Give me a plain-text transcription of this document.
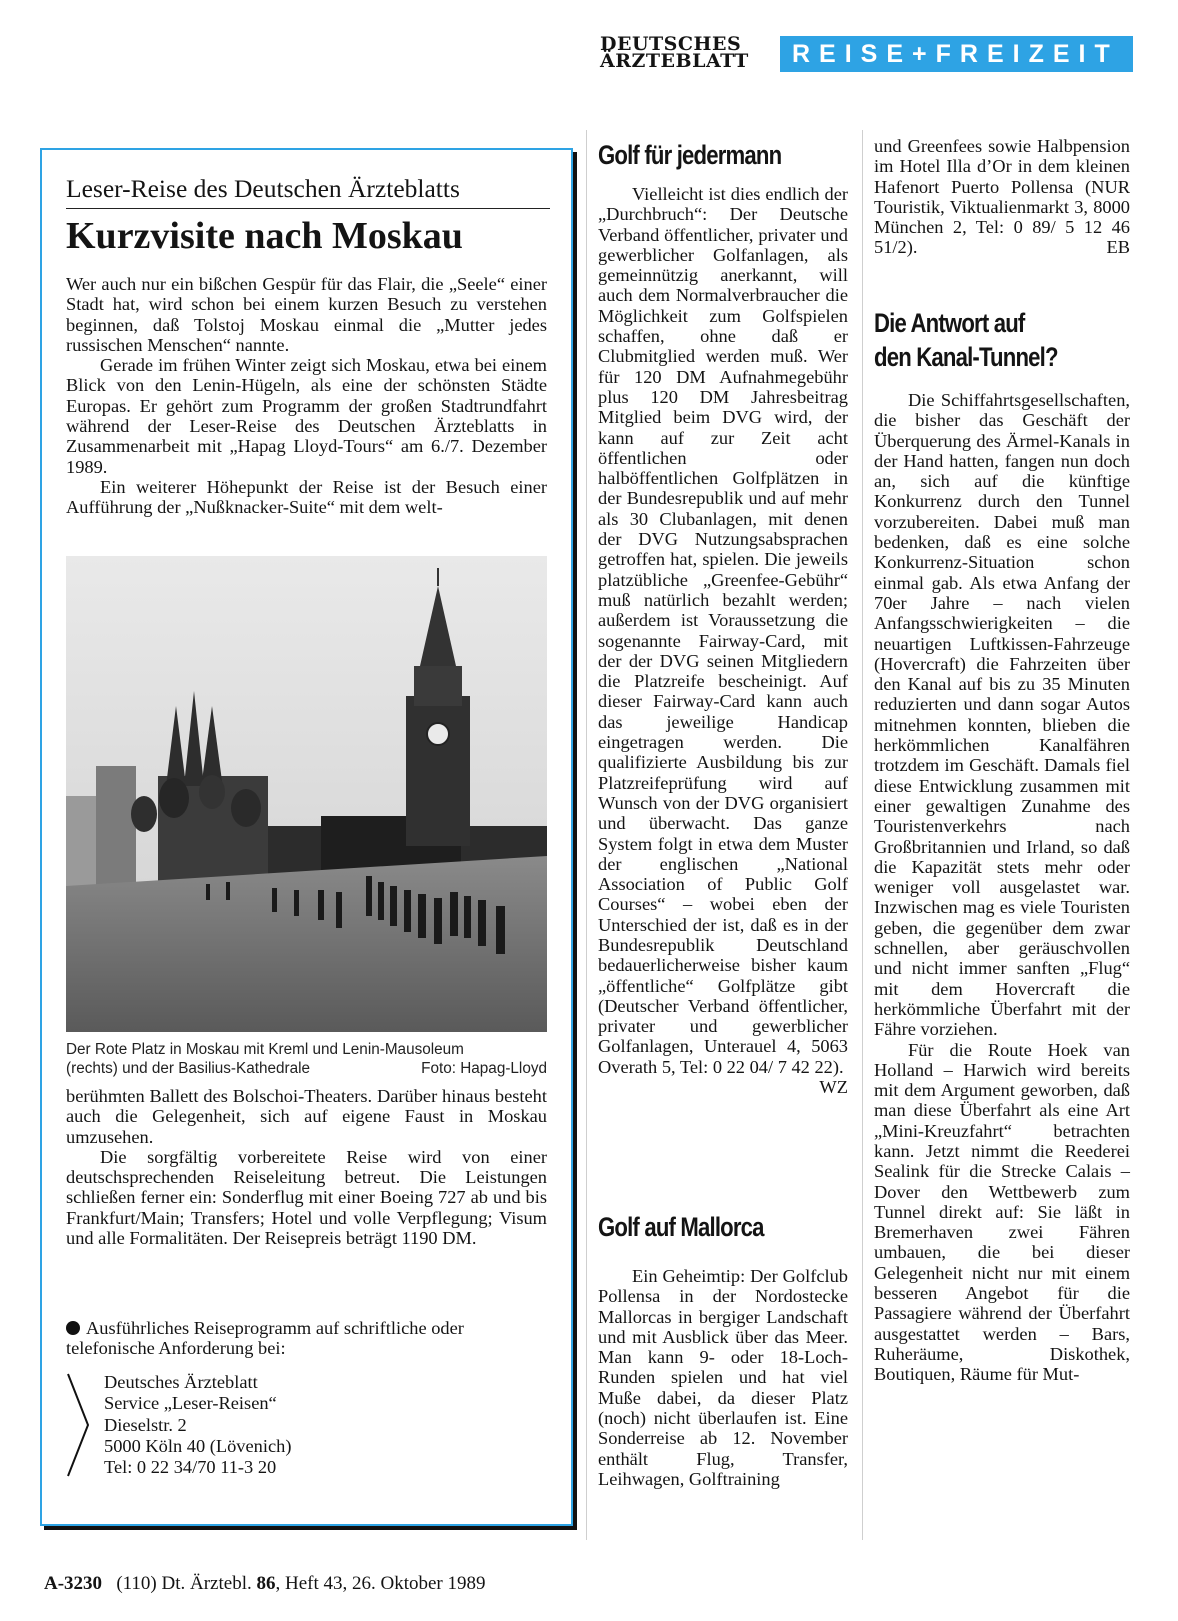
DEUTSCHES
ÄRZTEBLATT	REISE+FREIZEIT
Leser-Reise des Deutschen Ärzteblatts
Kurzvisite nach Moskau

Wer auch nur ein bißchen Gespür für das Flair, die „Seele“ einer Stadt hat, wird schon bei einem kurzen Besuch zu verstehen beginnen, daß Tolstoj Moskau einmal die „Mutter jedes russischen Menschen“ nannte.

Gerade im frühen Winter zeigt sich Moskau, etwa bei einem Blick von den Lenin-Hügeln, als eine der schönsten Städte Europas. Er gehört zum Programm der großen Stadtrundfahrt während der Leser-Reise des Deutschen Ärzteblatts in Zusammenarbeit mit „Hapag Lloyd-Tours“ am 6./7. Dezember 1989.

Ein weiterer Höhepunkt der Reise ist der Besuch einer Aufführung der „Nußknacker-Suite“ mit dem welt-

Der Rote Platz in Moskau mit Kreml und Lenin-Mausoleum
(rechts) und der Basilius-Kathedrale	Foto: Hapag-Lloyd

berühmten Ballett des Bolschoi-Theaters. Darüber hinaus besteht auch die Gelegenheit, sich auf eigene Faust in Moskau umzusehen.

Die sorgfältig vorbereitete Reise wird von einer deutschsprechenden Reiseleitung betreut. Die Leistungen schließen ferner ein: Sonderflug mit einer Boeing 727 ab und bis Frankfurt/Main; Transfers; Hotel und volle Verpflegung; Visum und alle Formalitäten. Der Reisepreis beträgt 1190 DM.

Ausführliches Reiseprogramm auf schriftliche oder telefonische Anforderung bei:
Deutsches Ärzteblatt
Service „Leser-Reisen“
Dieselstr. 2
5000 Köln 40 (Lövenich)
Tel: 0 22 34/70 11-3 20
Golf für jedermann

Vielleicht ist dies endlich der „Durchbruch“: Der Deutsche Verband öffentlicher, privater und gewerblicher Golfanlagen, als gemeinnützig anerkannt, will auch dem Normalverbraucher die Möglichkeit zum Golfspielen schaffen, ohne daß er Clubmitglied werden muß. Wer für 120 DM Aufnahmegebühr plus 120 DM Jahresbeitrag Mitglied beim DVG wird, der kann auf zur Zeit acht öffentlichen oder halböffentlichen Golfplätzen in der Bundesrepublik und auf mehr als 30 Clubanlagen, mit denen der DVG Nutzungsabsprachen getroffen hat, spielen. Die jeweils platzübliche „Greenfee-Gebühr“ muß natürlich bezahlt werden; außerdem ist Voraussetzung die sogenannte Fairway-Card, mit der der DVG seinen Mitgliedern die Platzreife bescheinigt. Auf dieser Fairway-Card kann auch das jeweilige Handicap eingetragen werden. Die qualifizierte Ausbildung bis zur Platzreifeprüfung wird auf Wunsch von der DVG organisiert und überwacht. Das ganze System folgt in etwa dem Muster der englischen „National Association of Public Golf Courses“ – wobei eben der Unterschied der ist, daß es in der Bundesrepublik Deutschland bedauerlicherweise bisher kaum „öffentliche“ Golfplätze gibt (Deutscher Verband öffentlicher, privater und gewerblicher Golfanlagen, Unterauel 4, 5063 Overath 5, Tel: 0 22 04/ 7 42 22).
WZ

Golf auf Mallorca

Ein Geheimtip: Der Golfclub Pollensa in der Nordostecke Mallorcas in bergiger Landschaft und mit Ausblick über das Meer. Man kann 9- oder 18-Loch-Runden spielen und hat viel Muße dabei, da dieser Platz (noch) nicht überlaufen ist. Eine Sonderreise ab 12. November enthält Flug, Transfer, Leihwagen, Golftraining

und Greenfees sowie Halbpension im Hotel Illa d’Or in dem kleinen Hafenort Puerto Pollensa (NUR Touristik, Viktualienmarkt 3, 8000 München 2, Tel: 0 89/ 5 12 46 51/2).	EB

Die Antwort auf
den Kanal-Tunnel?

Die Schiffahrtsgesellschaften, die bisher das Geschäft der Überquerung des Ärmel-Kanals in der Hand hatten, fangen nun doch an, sich auf die künftige Konkurrenz durch den Tunnel vorzubereiten. Dabei muß man bedenken, daß es eine solche Konkurrenz-Situation schon einmal gab. Als etwa Anfang der 70er Jahre – nach vielen Anfangsschwierigkeiten – die neuartigen Luftkissen-Fahrzeuge (Hovercraft) die Fahrzeiten über den Kanal auf bis zu 35 Minuten reduzierten und dann sogar Autos mitnehmen konnten, blieben die herkömmlichen Kanalfähren trotzdem im Geschäft. Damals fiel diese Entwicklung zusammen mit einer gewaltigen Zunahme des Touristenverkehrs nach Großbritannien und Irland, so daß die Kapazität stets mehr oder weniger voll ausgelastet war. Inzwischen mag es viele Touristen geben, die gegenüber dem zwar schnellen, aber geräuschvollen und nicht immer sanften „Flug“ mit dem Hovercraft die herkömmliche Überfahrt mit der Fähre vorziehen.

Für die Route Hoek van Holland – Harwich wird bereits mit dem Argument geworben, daß man diese Überfahrt als eine Art „Mini-Kreuzfahrt“ betrachten kann. Jetzt nimmt die Reederei Sealink für die Strecke Calais – Dover den Wettbewerb zum Tunnel direkt auf: Sie läßt in Bremerhaven zwei Fähren umbauen, die bei dieser Gelegenheit nicht nur mit einem besseren Angebot für die Passagiere während der Überfahrt ausgestattet werden – Bars, Ruheräume, Diskothek, Boutiquen, Räume für Mut-

A-3230 (110) Dt. Ärztebl. 86, Heft 43, 26. Oktober 1989
